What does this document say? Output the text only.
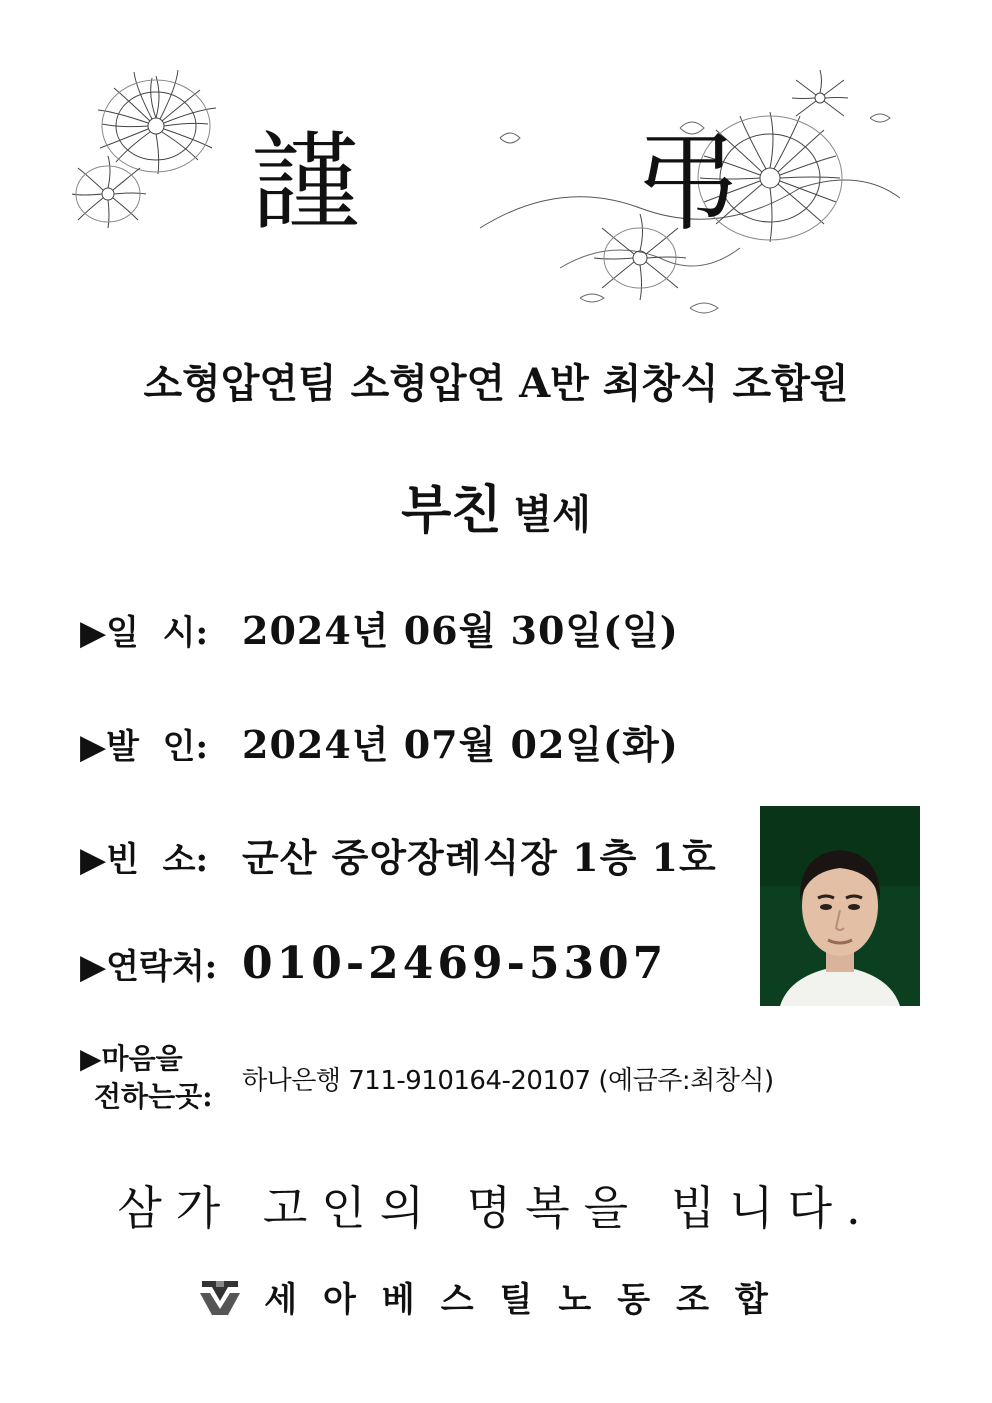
謹 弔
소형압연팀 소형압연 A반 최창식 조합원
부친 별세
▶일  시: 2024년 06월 30일(일)
▶발  인: 2024년 07월 02일(화)
▶빈  소: 군산 중앙장례식장 1층 1호
▶연락처: 010-2469-5307
▶마음을
전하는곳:	하나은행 711-910164-20107 (예금주:최창식)
삼가 고인의 명복을 빕니다.
세아베스틸노동조합
